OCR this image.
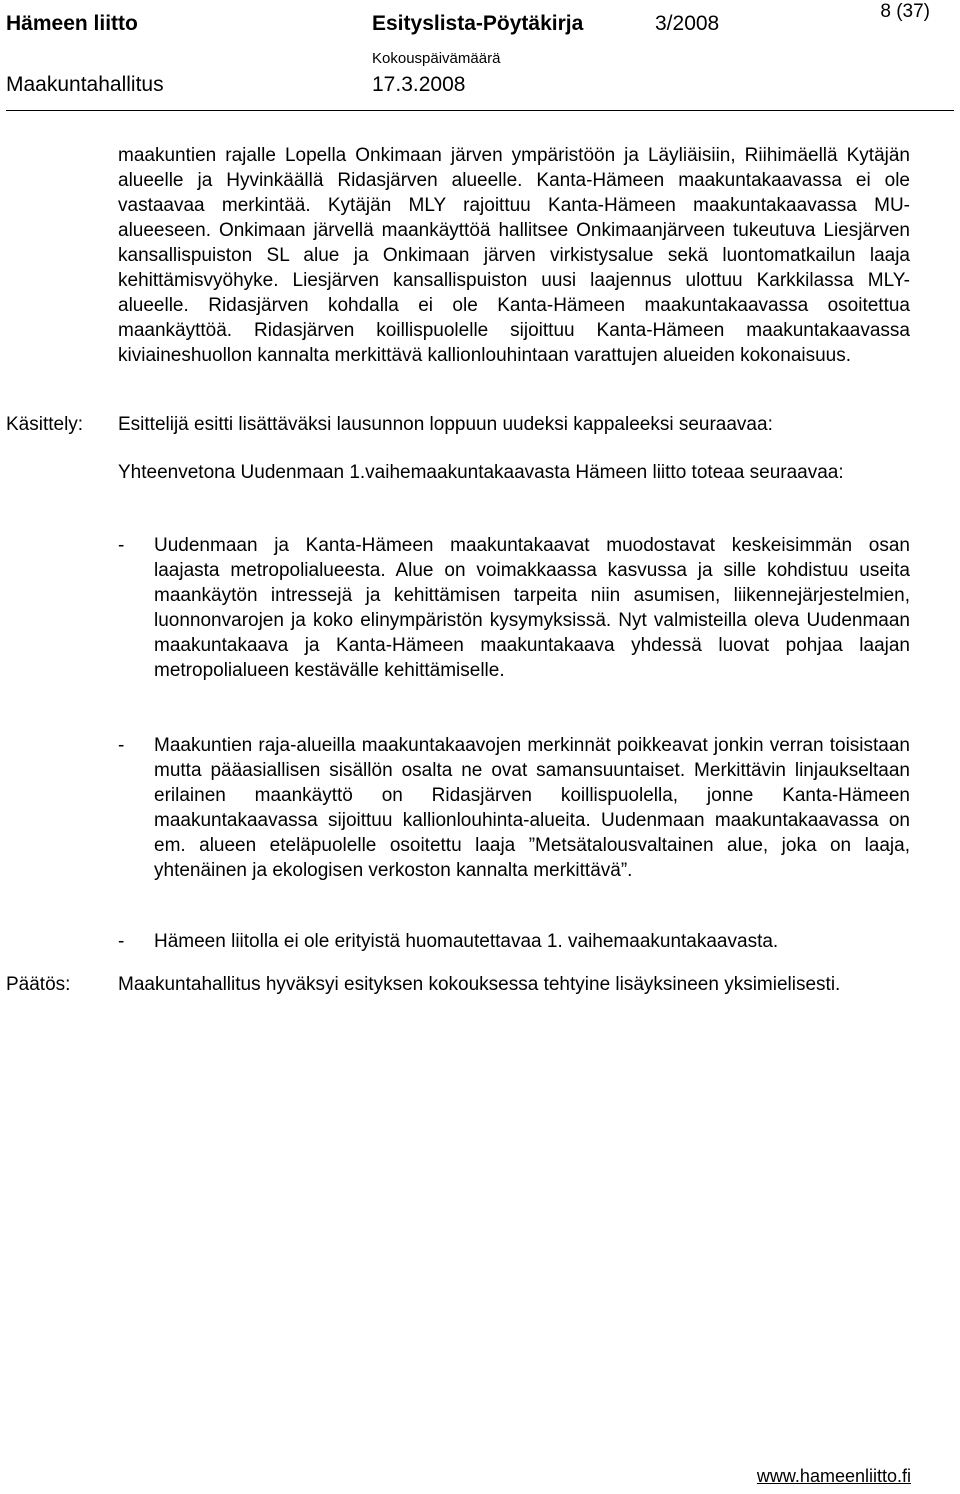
Hämeen liitto	Esityslista-Pöytäkirja	3/2008
8 (37)
Kokouspäivämäärä
Maakuntahallitus	17.3.2008

maakuntien rajalle Lopella Onkimaan järven ympäristöön ja Läyliäisiin, Riihimäellä Kytäjän alueelle ja Hyvinkäällä Ridasjärven alueelle. Kanta-Hämeen maakuntakaavassa ei ole vastaavaa merkintää. Kytäjän MLY rajoittuu Kanta-Hämeen maakuntakaavassa MU-alueeseen. Onkimaan järvellä maankäyttöä hallitsee Onkimaanjärveen tukeutuva Liesjärven kansallispuiston SL alue ja Onkimaan järven virkistysalue sekä luontomatkailun laaja kehittämisvyöhyke. Liesjärven kansallispuiston uusi laajennus ulottuu Karkkilassa MLY-alueelle. Ridasjärven kohdalla ei ole Kanta-Hämeen maakuntakaavassa osoitettua maankäyttöä. Ridasjärven koillispuolelle sijoittuu Kanta-Hämeen maakuntakaavassa kiviaineshuollon kannalta merkittävä kallionlouhintaan varattujen alueiden kokonaisuus.

Käsittely: Esittelijä esitti lisättäväksi lausunnon loppuun uudeksi kappaleeksi seuraavaa:

Yhteenvetona Uudenmaan 1.vaihemaakuntakaavasta Hämeen liitto toteaa seuraavaa:

- Uudenmaan ja Kanta-Hämeen maakuntakaavat muodostavat keskeisimmän osan laajasta metropolialueesta. Alue on voimakkaassa kasvussa ja sille kohdistuu useita maankäytön intressejä ja kehittämisen tarpeita niin asumisen, liikennejärjestelmien, luonnonvarojen ja koko elinympäristön kysymyksissä. Nyt valmisteilla oleva Uudenmaan maakuntakaava ja Kanta-Hämeen maakuntakaava yhdessä luovat pohjaa laajan metropolialueen kestävälle kehittämiselle.
- Maakuntien raja-alueilla maakuntakaavojen merkinnät poikkeavat jonkin verran toisistaan mutta pääasiallisen sisällön osalta ne ovat samansuuntaiset. Merkittävin linjaukseltaan erilainen maankäyttö on Ridasjärven koillispuolella, jonne Kanta-Hämeen maakuntakaavassa sijoittuu kallionlouhinta-alueita. Uudenmaan maakuntakaavassa on em. alueen eteläpuolelle osoitettu laaja ”Metsätalousvaltainen alue, joka on laaja, yhtenäinen ja ekologisen verkoston kannalta merkittävä”.
- Hämeen liitolla ei ole erityistä huomautettavaa 1. vaihemaakuntakaavasta.
Päätös:	Maakuntahallitus hyväksyi esityksen kokouksessa tehtyine lisäyksineen yksimielisesti.

www.hameenliitto.fi
